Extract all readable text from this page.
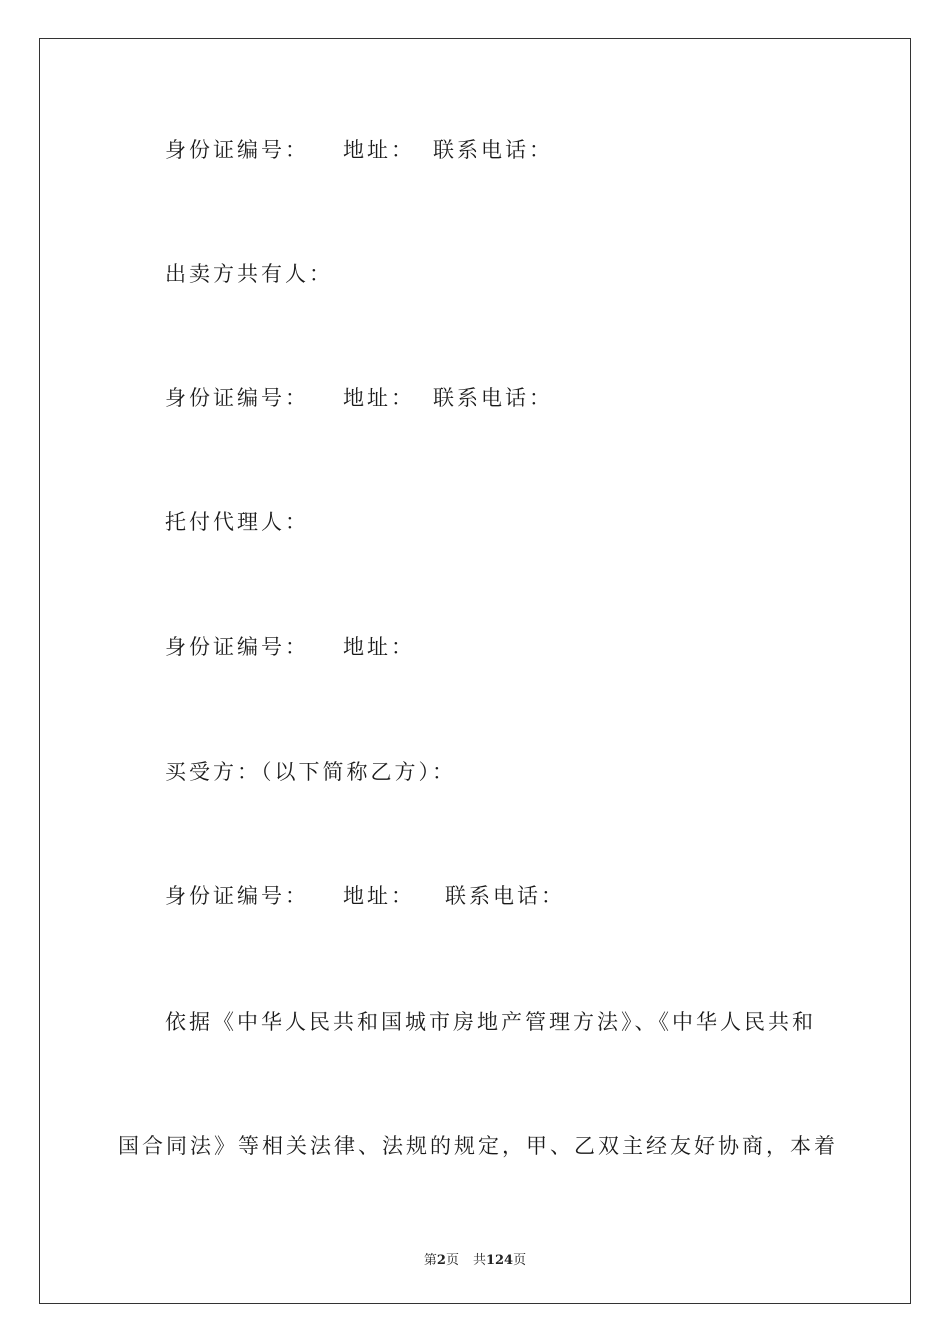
身份证编号： 地址： 联系电话：
出卖方共有人：
身份证编号： 地址： 联系电话：
托付代理人：
身份证编号： 地址：
买受方：（以下简称乙方）：
身份证编号： 地址： 联系电话：
依据《中华人民共和国城市房地产管理方法》、《中华人民共和
国合同法》等相关法律、法规的规定，甲、乙双主经友好协商，本着
第2页 共124页
